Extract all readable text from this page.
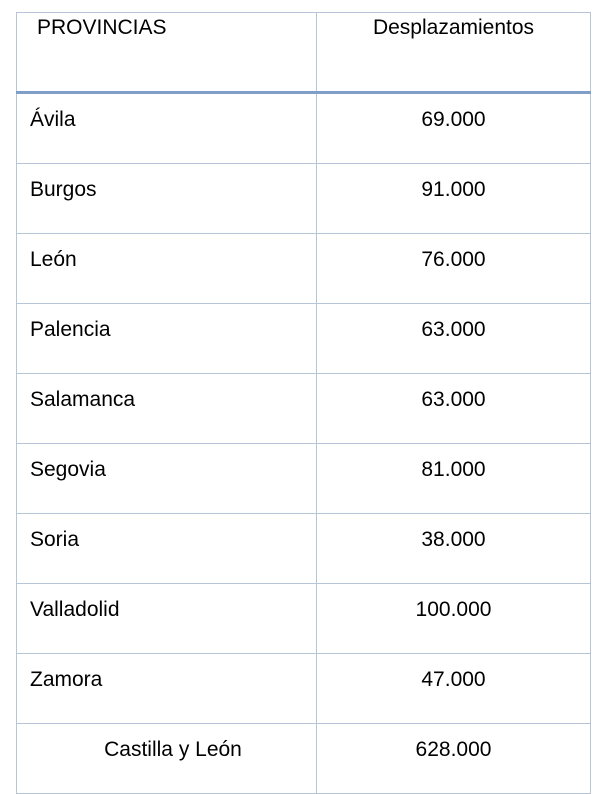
PROVINCIAS	Desplazamientos
Ávila	69.000
Burgos	91.000
León	76.000
Palencia	63.000
Salamanca	63.000
Segovia	81.000
Soria	38.000
Valladolid	100.000
Zamora	47.000
Castilla y León	628.000
